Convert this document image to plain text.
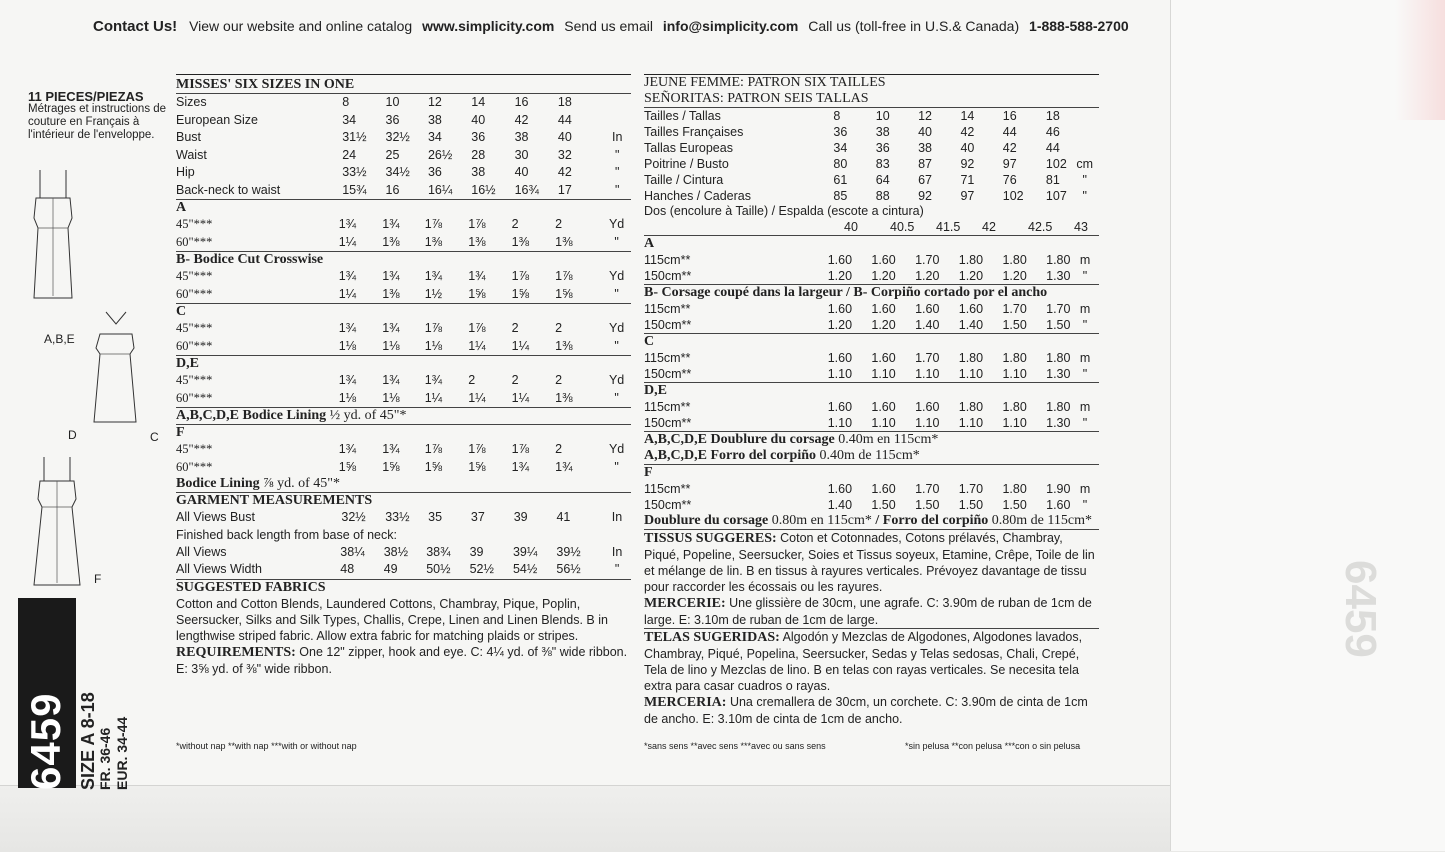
6459
Contact Us! View our website and online catalog www.simplicity.com Send us email info@simplicity.com Call us (toll-free in U.S.& Canada) 1-888-588-2700
11 PIECES/PIEZAS
Métrages et instructions de couture en Français à l'intérieur de l'enveloppe.
A,B,E
D	C
F
6459 SIZE A 8-18 FR. 36-46 EUR. 34-44
MISSES' SIX SIZES IN ONE
Sizes		8	10	12	14	16	18	
European Size		34	36	38	40	42	44	
Bust		31½	32½	34	36	38	40	In
Waist		24	25	26½	28	30	32	"
Hip		33½	34½	36	38	40	42	"
Back-neck to waist		15¾	16	16¼	16½	16¾	17	"
A
45"***		1¾	1¾	1⅞	1⅞	2	2	Yd
60"***		1¼	1⅜	1⅜	1⅜	1⅜	1⅜	"
B- Bodice Cut Crosswise
45"***		1¾	1¾	1¾	1¾	1⅞	1⅞	Yd
60"***		1¼	1⅜	1½	1⅝	1⅝	1⅝	"
C
45"***		1¾	1¾	1⅞	1⅞	2	2	Yd
60"***		1⅛	1⅛	1⅛	1¼	1¼	1⅜	"
D,E
45"***		1¾	1¾	1¾	2	2	2	Yd
60"***		1⅛	1⅛	1¼	1¼	1¼	1⅜	"
A,B,C,D,E Bodice Lining ½ yd. of 45"*
F
45"***		1¾	1¾	1⅞	1⅞	1⅞	2	Yd
60"***		1⅝	1⅝	1⅝	1⅝	1¾	1¾	"
Bodice Lining ⅞ yd. of 45"*
GARMENT MEASUREMENTS
All Views Bust		32½	33½	35	37	39	41	In
Finished back length from base of neck:
All Views		38¼	38½	38¾	39	39¼	39½	In
All Views Width		48	49	50½	52½	54½	56½	"
SUGGESTED FABRICS
Cotton and Cotton Blends, Laundered Cottons, Chambray, Pique, Poplin, Seersucker, Silks and Silk Types, Challis, Crepe, Linen and Linen Blends. B in lengthwise striped fabric. Allow extra fabric for matching plaids or stripes.
REQUIREMENTS: One 12" zipper, hook and eye. C: 4¼ yd. of ⅜" wide ribbon. E: 3⅝ yd. of ⅜" wide ribbon.
JEUNE FEMME: PATRON SIX TAILLES
SEÑORITAS: PATRON SEIS TALLAS
Tailles / Tallas		8	10	12	14	16	18	
Tailles Françaises		36	38	40	42	44	46	
Tallas Europeas		34	36	38	40	42	44	
Poitrine / Busto		80	83	87	92	97	102	cm
Taille / Cintura		61	64	67	71	76	81	"
Hanches / Caderas		85	88	92	97	102	107	"
Dos (encolure à Taille) / Espalda (escote a cintura)
	40	40.5	41.5	42	42.5	43	
A
115cm**		1.60	1.60	1.70	1.80	1.80	1.80	m
150cm**		1.20	1.20	1.20	1.20	1.20	1.30	"
B- Corsage coupé dans la largeur / B- Corpiño cortado por el ancho
115cm**		1.60	1.60	1.60	1.60	1.70	1.70	m
150cm**		1.20	1.20	1.40	1.40	1.50	1.50	"
C
115cm**		1.60	1.60	1.70	1.80	1.80	1.80	m
150cm**		1.10	1.10	1.10	1.10	1.10	1.30	"
D,E
115cm**		1.60	1.60	1.60	1.80	1.80	1.80	m
150cm**		1.10	1.10	1.10	1.10	1.10	1.30	"
A,B,C,D,E Doublure du corsage 0.40m en 115cm*
A,B,C,D,E Forro del corpiño 0.40m de 115cm*
F
115cm**		1.60	1.60	1.70	1.70	1.80	1.90	m
150cm**		1.40	1.50	1.50	1.50	1.50	1.60	"
Doublure du corsage 0.80m en 115cm* / Forro del corpiño 0.80m de 115cm*
TISSUS SUGGERES: Coton et Cotonnades, Cotons prélavés, Chambray, Piqué, Popeline, Seersucker, Soies et Tissus soyeux, Etamine, Crêpe, Toile de lin et mélange de lin. B en tissus à rayures verticales. Prévoyez davantage de tissu pour raccorder les écossais ou les rayures.
MERCERIE: Une glissière de 30cm, une agrafe. C: 3.90m de ruban de 1cm de large. E: 3.10m de ruban de 1cm de large.
TELAS SUGERIDAS: Algodón y Mezclas de Algodones, Algodones lavados, Chambray, Piqué, Popelina, Seersucker, Sedas y Telas sedosas, Chali, Crepé, Tela de lino y Mezclas de lino. B en telas con rayas verticales. Se necesita tela extra para casar cuadros o rayas.
MERCERIA: Una cremallera de 30cm, un corchete. C: 3.90m de cinta de 1cm de ancho. E: 3.10m de cinta de 1cm de ancho.
*without nap **with nap ***with or without nap	*sans sens **avec sens ***avec ou sans sens	*sin pelusa **con pelusa ***con o sin pelusa
